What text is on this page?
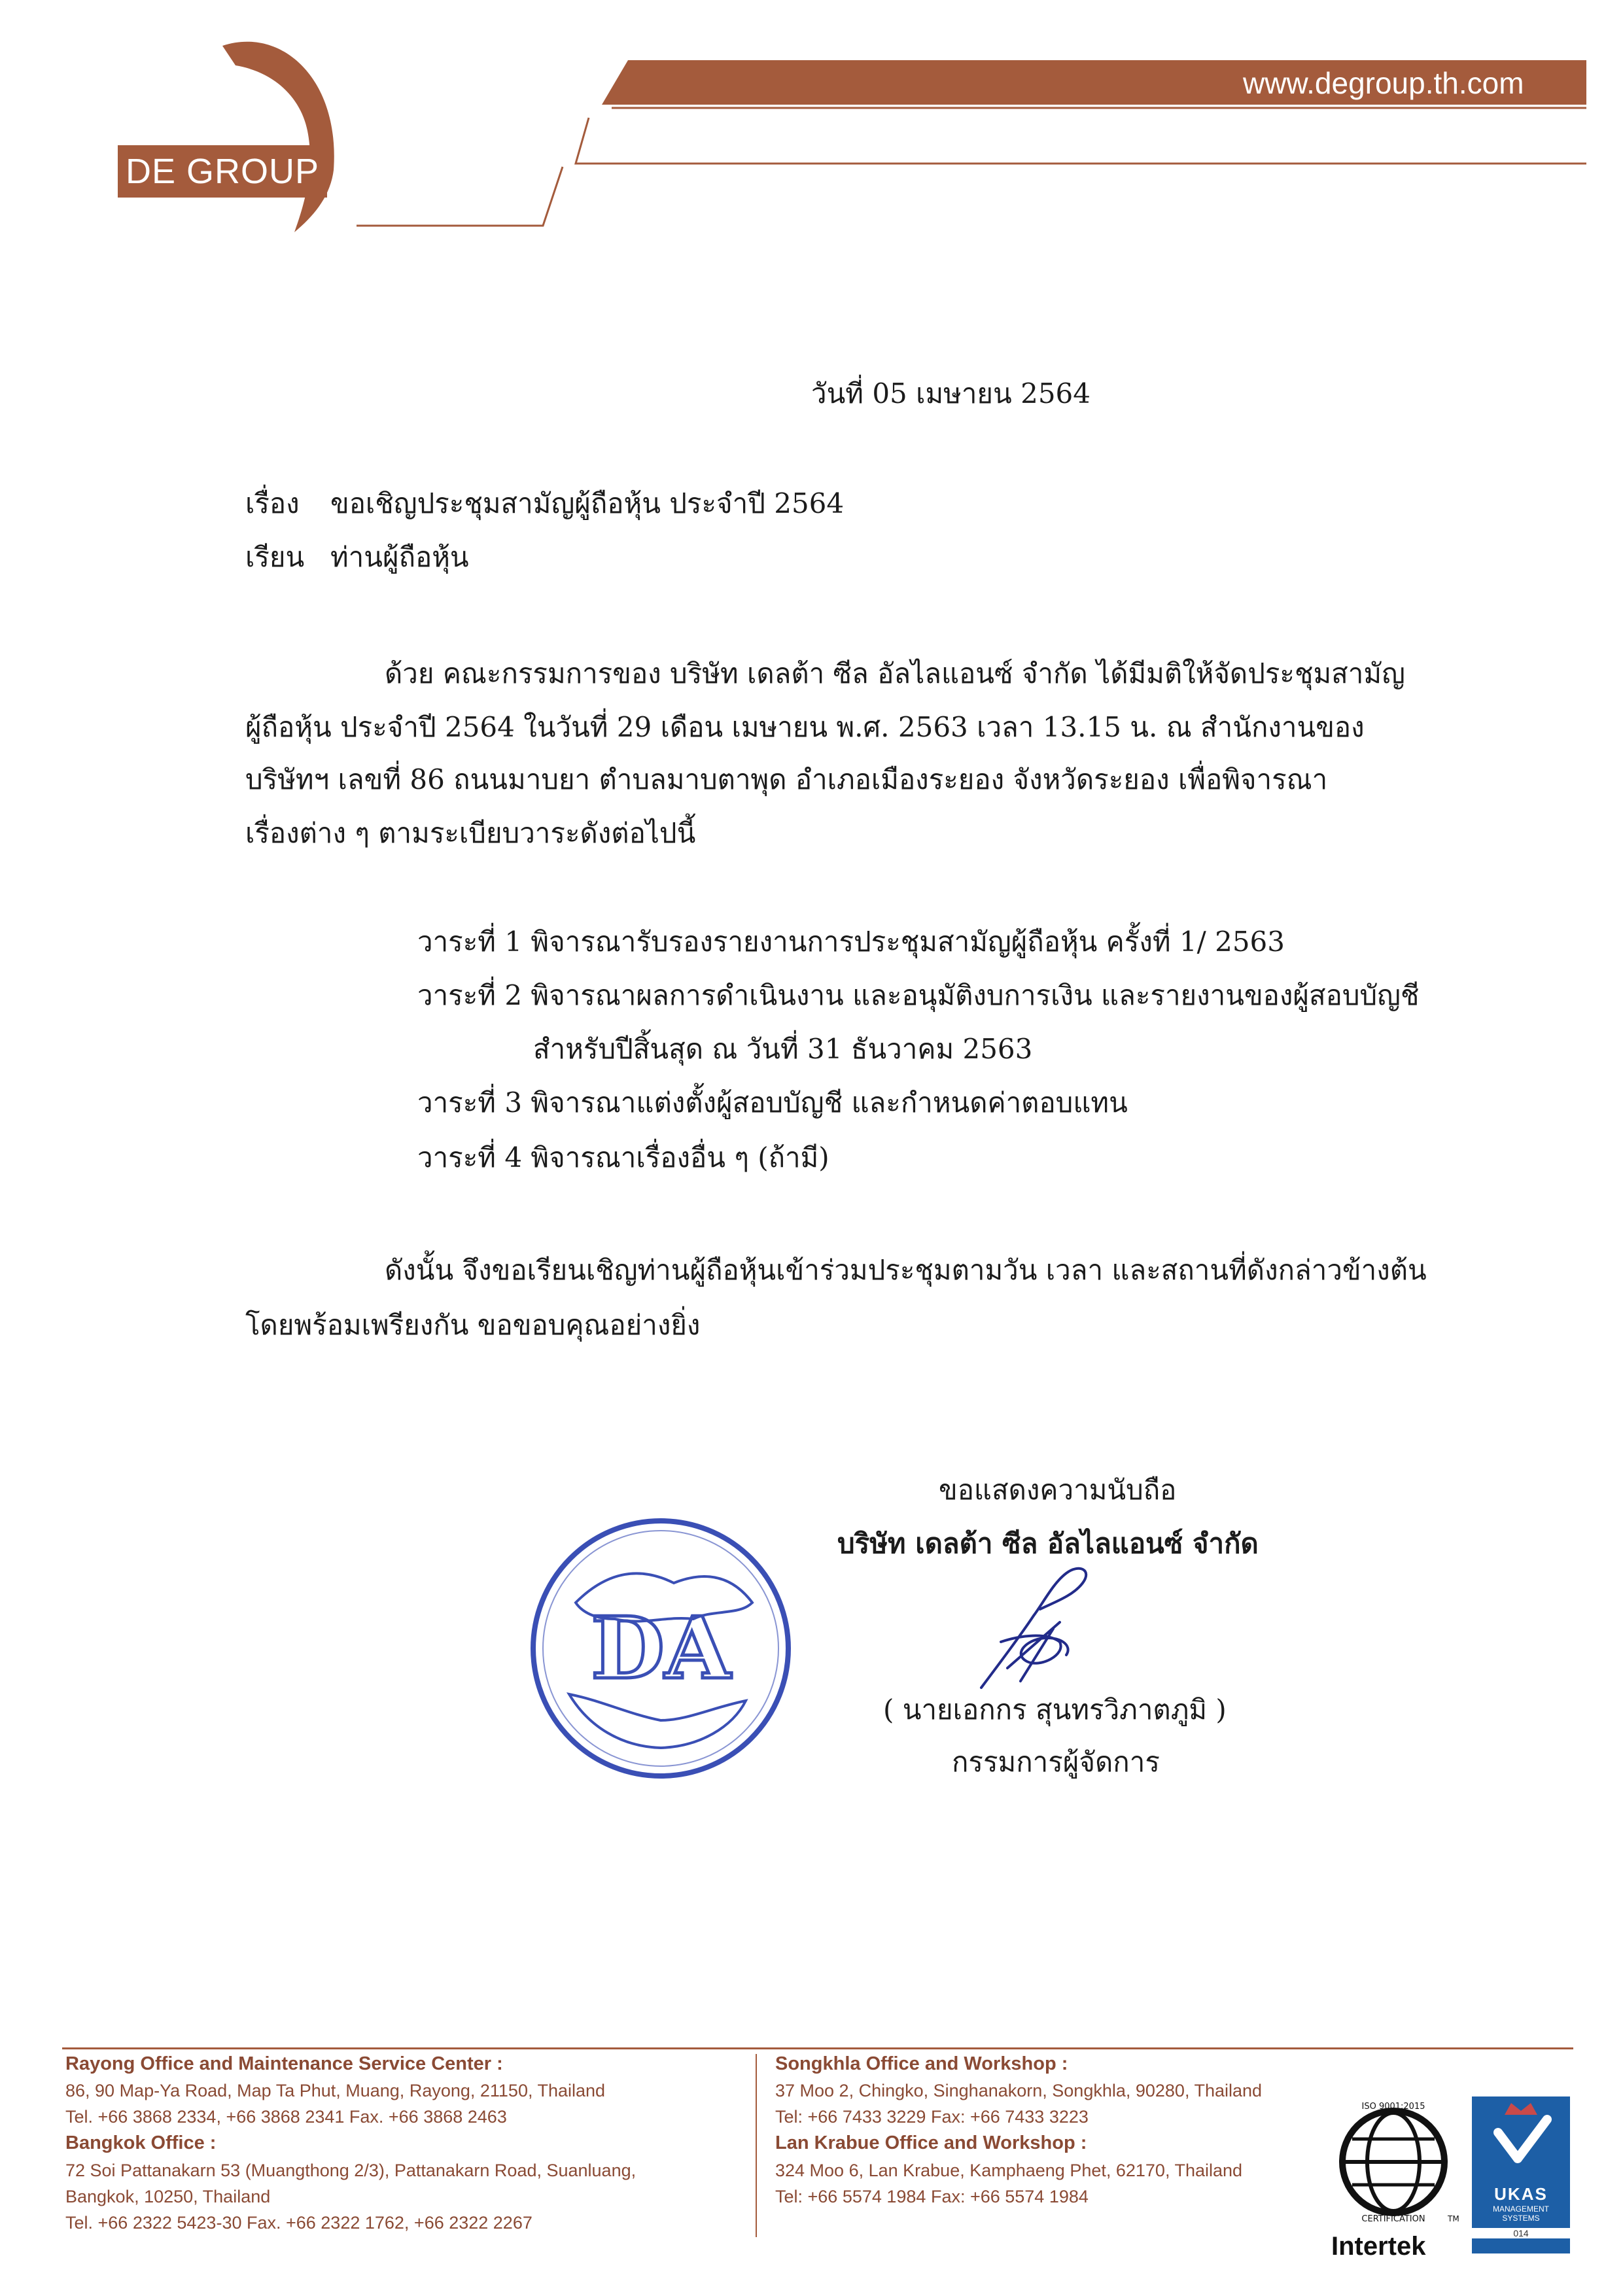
DE GROUP
www.degroup.th.com
วันที่ 05 เมษายน 2564
เรื่อง ขอเชิญประชุมสามัญผู้ถือหุ้น ประจำปี 2564
เรียน ท่านผู้ถือหุ้น
ด้วย คณะกรรมการของ บริษัท เดลต้า ซีล อัลไลแอนซ์ จำกัด ได้มีมติให้จัดประชุมสามัญ
ผู้ถือหุ้น ประจำปี 2564 ในวันที่ 29 เดือน เมษายน พ.ศ. 2563 เวลา 13.15 น. ณ สำนักงานของ
บริษัทฯ เลขที่ 86 ถนนมาบยา ตำบลมาบตาพุด อำเภอเมืองระยอง จังหวัดระยอง เพื่อพิจารณา
เรื่องต่าง ๆ ตามระเบียบวาระดังต่อไปนี้
วาระที่ 1 พิจารณารับรองรายงานการประชุมสามัญผู้ถือหุ้น ครั้งที่ 1/ 2563
วาระที่ 2 พิจารณาผลการดำเนินงาน และอนุมัติงบการเงิน และรายงานของผู้สอบบัญชี
สำหรับปีสิ้นสุด ณ วันที่ 31 ธันวาคม 2563
วาระที่ 3 พิจารณาแต่งตั้งผู้สอบบัญชี และกำหนดค่าตอบแทน
วาระที่ 4 พิจารณาเรื่องอื่น ๆ (ถ้ามี)
ดังนั้น จึงขอเรียนเชิญท่านผู้ถือหุ้นเข้าร่วมประชุมตามวัน เวลา และสถานที่ดังกล่าวข้างต้น
โดยพร้อมเพรียงกัน ขอขอบคุณอย่างยิ่ง
ขอแสดงความนับถือ
บริษัท เดลต้า ซีล อัลไลแอนซ์ จำกัด
DA
( นายเอกกร สุนทรวิภาตภูมิ )
กรรมการผู้จัดการ
Rayong Office and Maintenance Service Center :
86, 90 Map-Ya Road, Map Ta Phut, Muang, Rayong, 21150, Thailand
Tel. +66 3868 2334, +66 3868 2341 Fax. +66 3868 2463
Bangkok Office :
72 Soi Pattanakarn 53 (Muangthong 2/3), Pattanakarn Road, Suanluang,
Bangkok, 10250, Thailand
Tel. +66 2322 5423-30 Fax. +66 2322 1762, +66 2322 2267
Songkhla Office and Workshop :
37 Moo 2, Chingko, Singhanakorn, Songkhla, 90280, Thailand
Tel: +66 7433 3229 Fax: +66 7433 3223
Lan Krabue Office and Workshop :
324 Moo 6, Lan Krabue, Kamphaeng Phet, 62170, Thailand
Tel: +66 5574 1984 Fax: +66 5574 1984
ISO 9001:2015
CERTIFICATION	TM
Intertek
UKAS
MANAGEMENT SYSTEMS
014
